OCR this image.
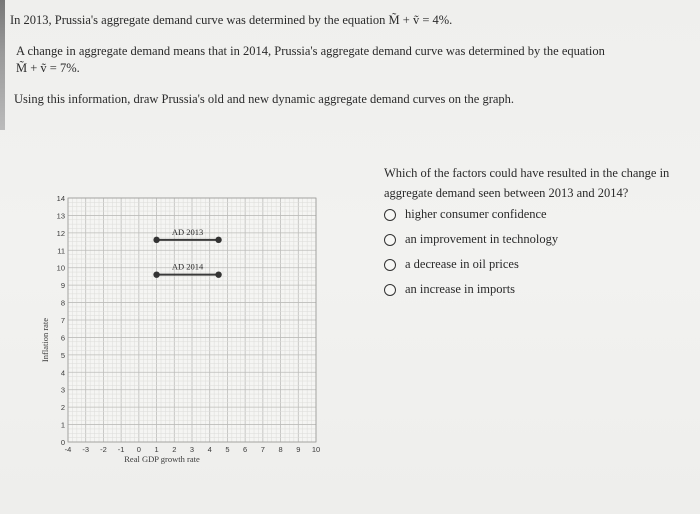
In 2013, Prussia's aggregate demand curve was determined by the equation M̃ + ṽ = 4%.
A change in aggregate demand means that in 2014, Prussia's aggregate demand curve was determined by the equation
M̃ + ṽ = 7%.
Using this information, draw Prussia's old and new dynamic aggregate demand curves on the graph.
0
1
2
3
4
5
6
7
8
9
10
11
12
13
14
-4 -3 -2 -1 0 1 2 3 4 5 6 7 8 9 10
Real GDP growth rate
Inflation rate
AD 2013
AD 2014
Which of the factors could have resulted in the change in
aggregate demand seen between 2013 and 2014?
higher consumer confidence
an improvement in technology
a decrease in oil prices
an increase in imports
